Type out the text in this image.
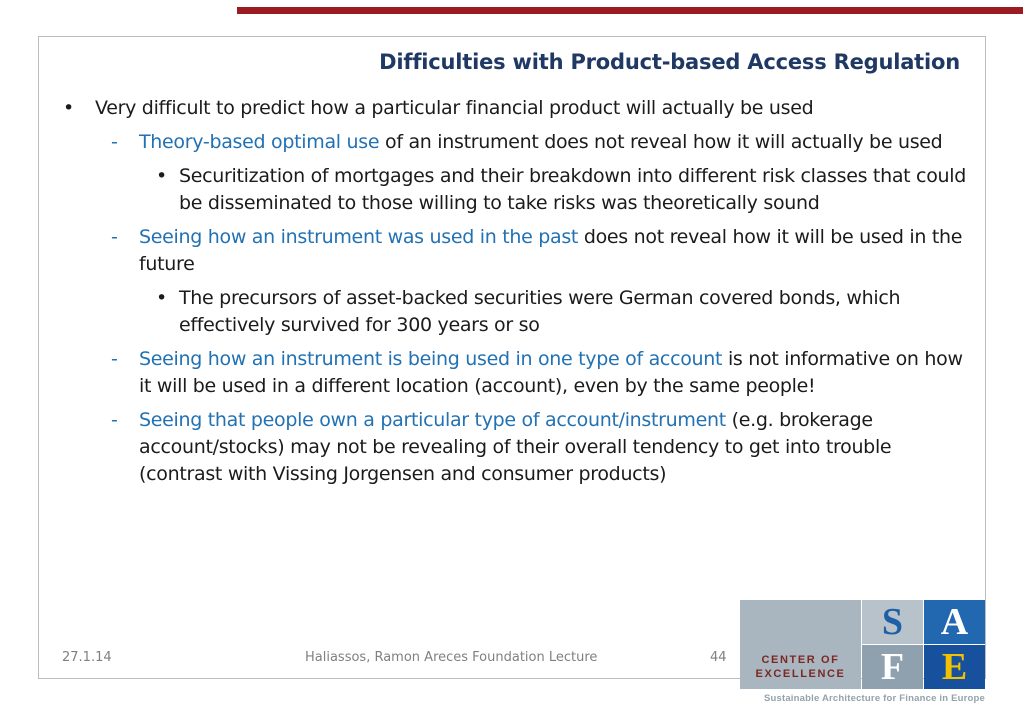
Difficulties with Product-based Access Regulation
•	Very difficult to predict how a particular financial product will actually be used
-	Theory-based optimal use of an instrument does not reveal how it will actually be used
• Securitization of mortgages and their breakdown into different risk classes that could be disseminated to those willing to take risks was theoretically sound
-	Seeing how an instrument was used in the past does not reveal how it will be used in the future
• The precursors of asset-backed securities were German covered bonds, which effectively survived for 300 years or so
-	Seeing how an instrument is being used in one type of account is not informative on how it will be used in a different location (account), even by the same people!
-	Seeing that people own a particular type of account/instrument (e.g. brokerage account/stocks) may not be revealing of their overall tendency to get into trouble (contrast with Vissing Jorgensen and consumer products)
27.1.14	Haliassos, Ramon Areces Foundation Lecture	44	CENTER OF
EXCELLENCE
S A
F E
Sustainable Architecture for Finance in Europe
